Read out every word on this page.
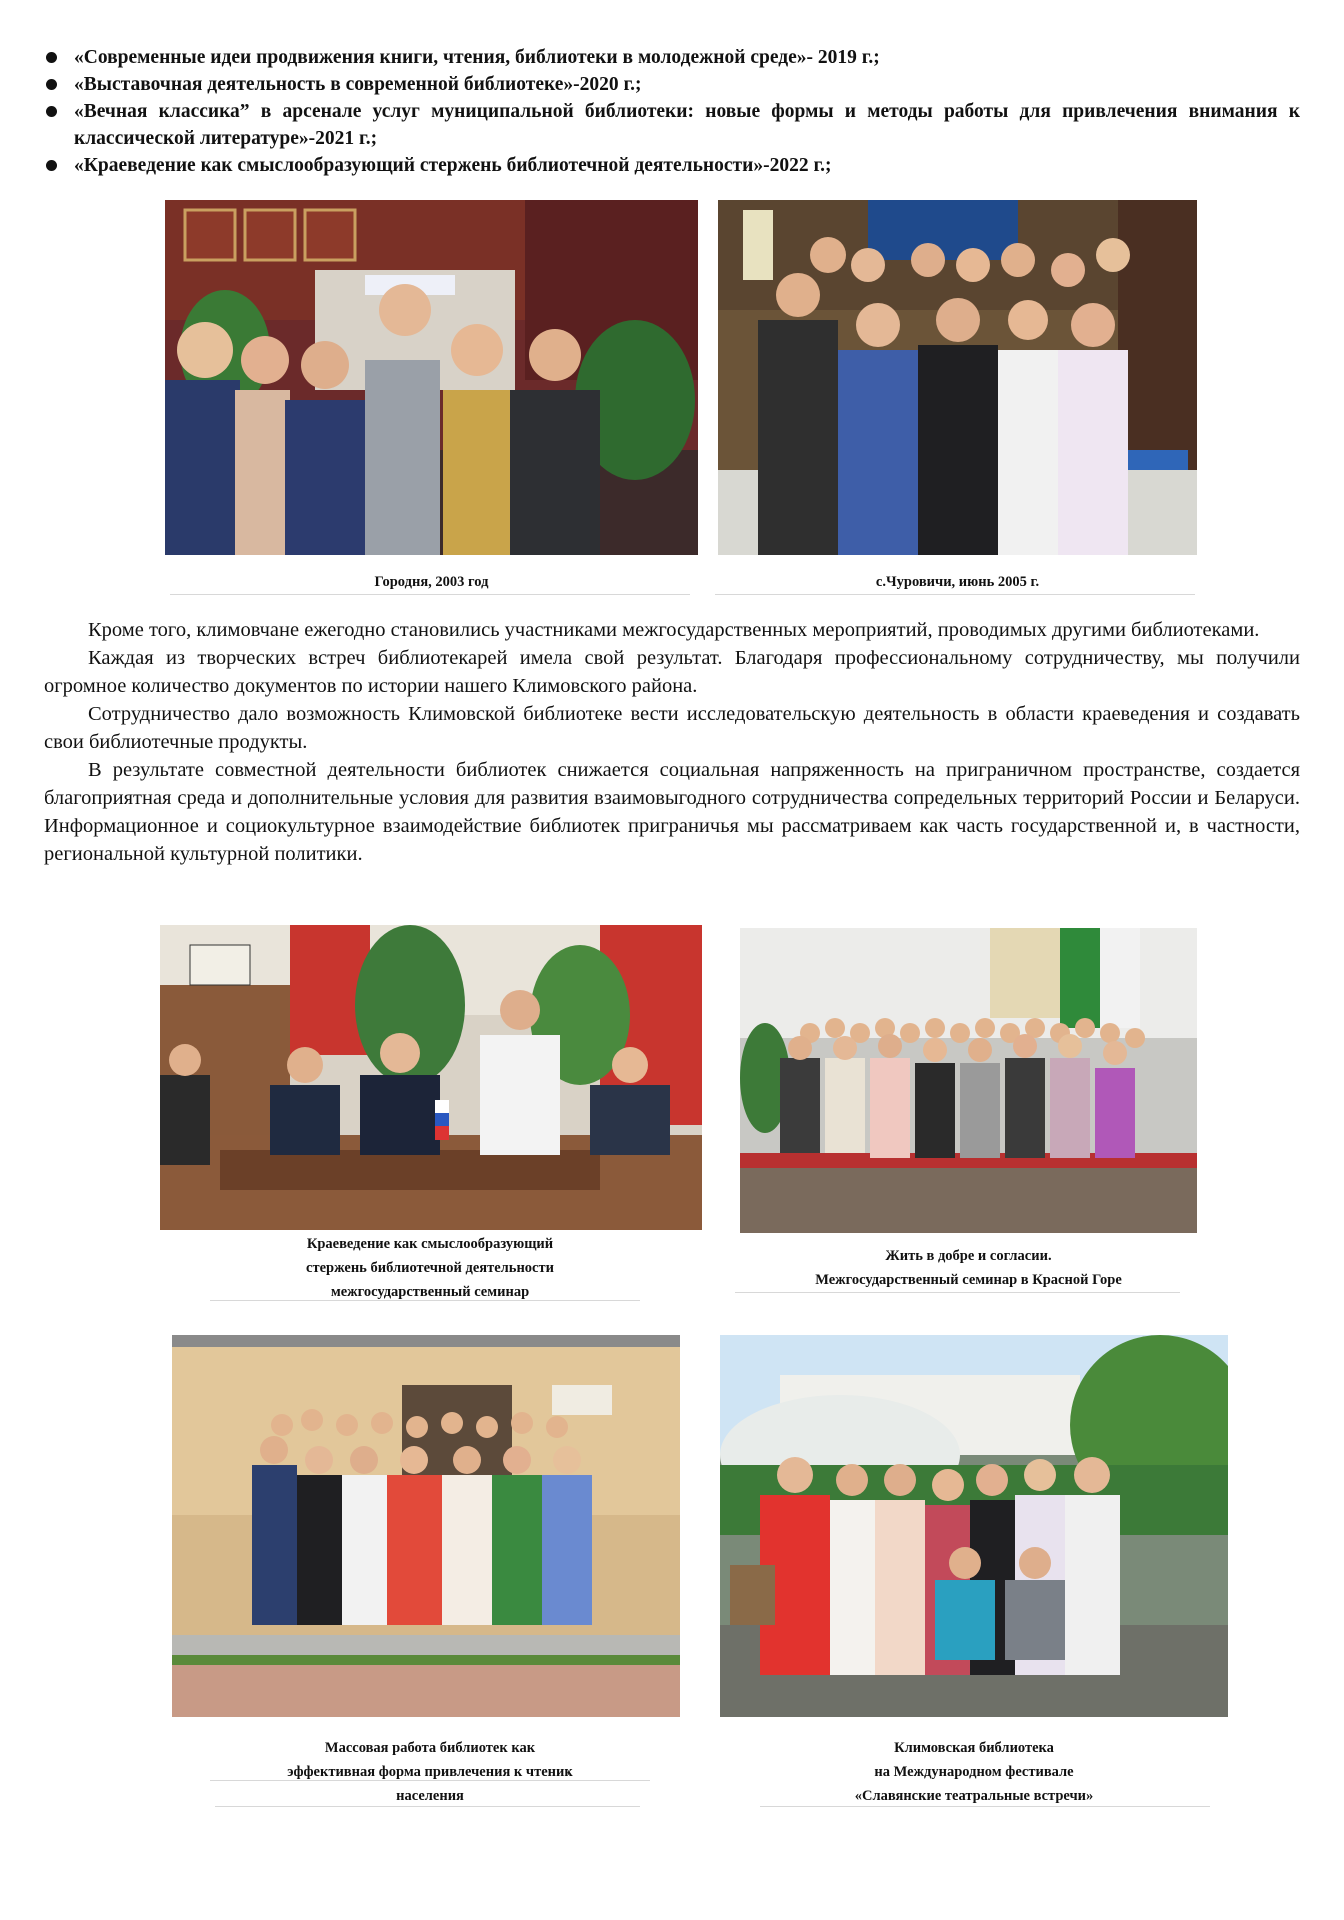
«Современные идеи продвижения книги, чтения, библиотеки в молодежной среде»- 2019 г.;
«Выставочная деятельность в современной библиотеке»-2020 г.;
«Вечная классика” в арсенале услуг муниципальной библиотеки: новые формы и методы работы для привлечения внимания к классической литературе»-2021 г.;
«Краеведение как смыслообразующий стержень библиотечной деятельности»-2022 г.;
Городня, 2003 год	с.Чуровичи, июнь 2005 г.

Кроме того, климовчане ежегодно становились участниками межгосударственных мероприятий, проводимых другими библиотеками.

Каждая из творческих встреч библиотекарей имела свой результат. Благодаря профессиональному сотрудничеству, мы получили огромное количество документов по истории нашего Климовского района.

Сотрудничество дало возможность Климовской библиотеке вести исследовательскую деятельность в области краеведения и создавать свои библиотечные продукты.

В результате совместной деятельности библиотек снижается социальная напряженность на приграничном пространстве, создается благоприятная среда и дополнительные условия для развития взаимовыгодного сотрудничества сопредельных территорий России и Беларуси. Информационное и социокультурное взаимодействие библиотек приграничья мы рассматриваем как часть государственной и, в частности, региональной культурной политики.

Краеведение как смыслообразующий
стержень библиотечной деятельности
межгосударственный семинар
Жить в добре и согласии.
Межгосударственный семинар в Красной Горе
Массовая работа библиотек как
эффективная форма привлечения к чтениҝ
населения
Климовская библиотека
на Международном фестивале
«Славянские театральные встречи»
